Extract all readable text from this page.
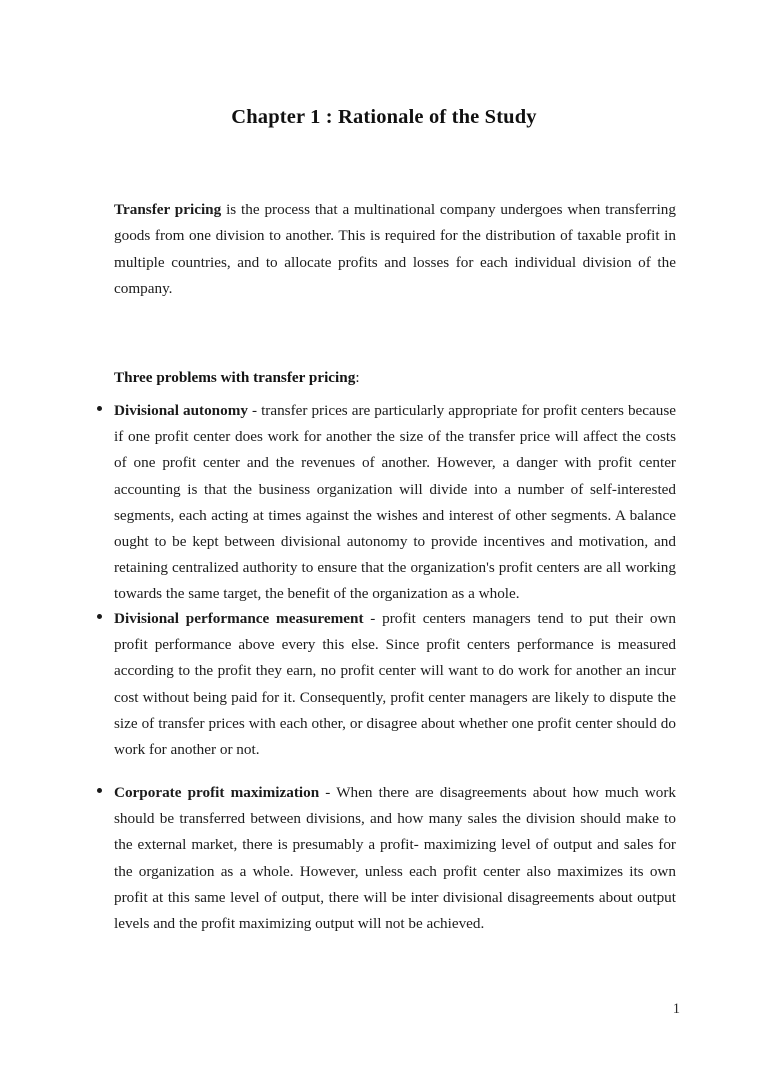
Chapter 1 : Rationale of the Study

Transfer pricing is the process that a multinational company undergoes when transferring goods from one division to another. This is required for the distribution of taxable profit in multiple countries, and to allocate profits and losses for each individual division of the company.

Three problems with transfer pricing:
Divisional autonomy - transfer prices are particularly appropriate for profit centers because if one profit center does work for another the size of the transfer price will affect the costs of one profit center and the revenues of another. However, a danger with profit center accounting is that the business organization will divide into a number of self-interested segments, each acting at times against the wishes and interest of other segments. A balance ought to be kept between divisional autonomy to provide incentives and motivation, and retaining centralized authority to ensure that the organization's profit centers are all working towards the same target, the benefit of the organization as a whole.
Divisional performance measurement - profit centers managers tend to put their own profit performance above every this else. Since profit centers performance is measured according to the profit they earn, no profit center will want to do work for another an incur cost without being paid for it. Consequently, profit center managers are likely to dispute the size of transfer prices with each other, or disagree about whether one profit center should do work for another or not.
Corporate profit maximization - When there are disagreements about how much work should be transferred between divisions, and how many sales the division should make to the external market, there is presumably a profit- maximizing level of output and sales for the organization as a whole. However, unless each profit center also maximizes its own profit at this same level of output, there will be inter divisional disagreements about output levels and the profit maximizing output will not be achieved.
1
